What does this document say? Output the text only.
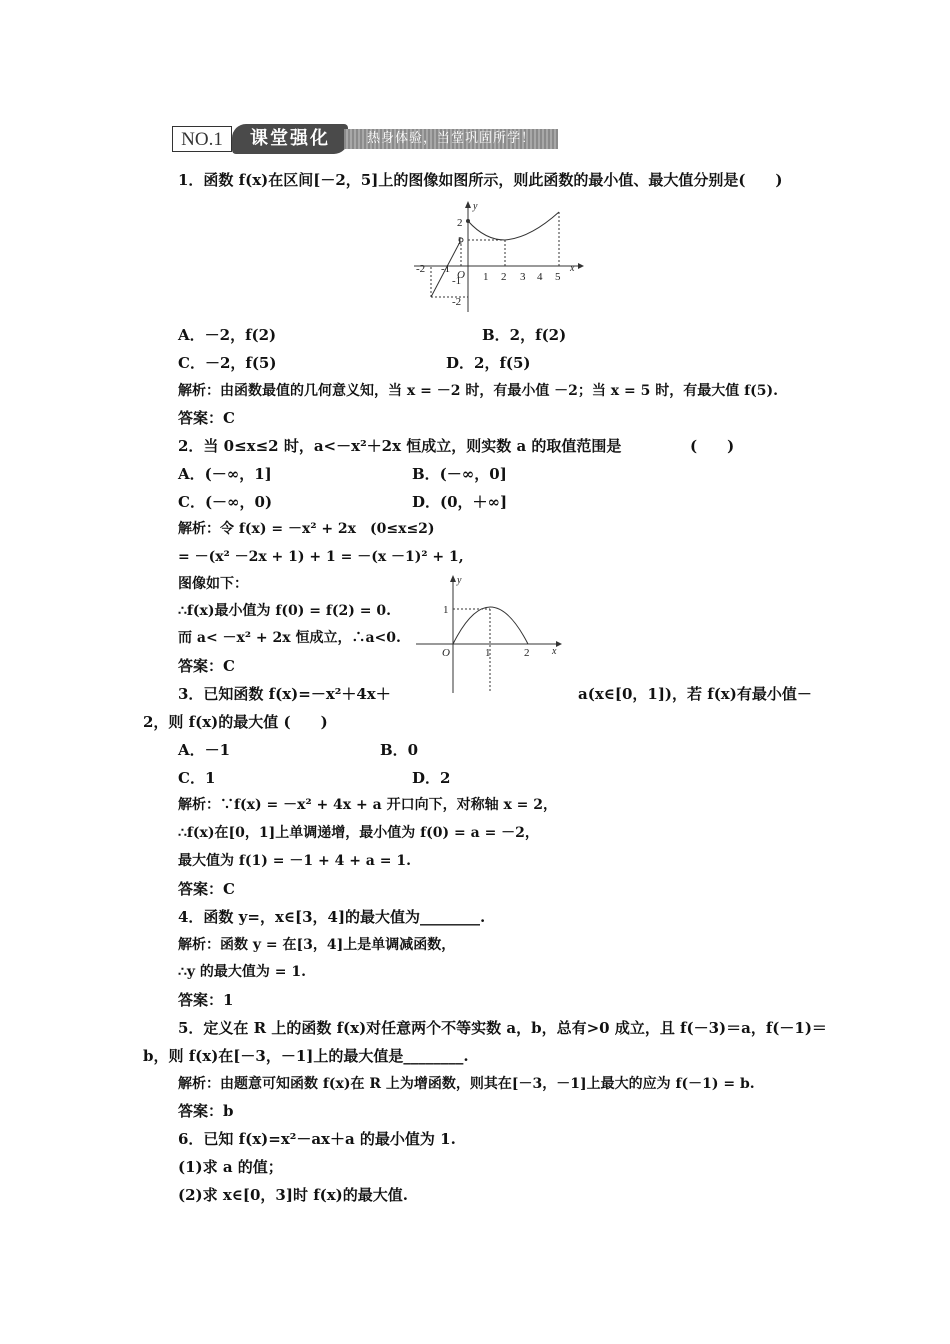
NO.1	课堂强化	热身体验，当堂巩固所学！
1．函数 f(x)在区间[－2，5]上的图像如图所示，则此函数的最小值、最大值分别是(　　)
-2 -1 O 1 2 3 4 5
x
y
2
1
-1
-2
A．－2，f(2)	B．2，f(2)
C．－2，f(5)	D．2，f(5)
解析：由函数最值的几何意义知，当 x = －2 时，有最小值 －2；当 x = 5 时，有最大值 f(5).
答案：C
2．当 0≤x≤2 时，a<－x²＋2x 恒成立，则实数 a 的取值范围是	(　　)
A．(－∞，1]	B．(－∞，0]
C．(－∞，0)	D．(0，＋∞]
解析：令 f(x) = －x² + 2x　(0≤x≤2)
= －(x² －2x + 1) + 1 = －(x －1)² + 1,
图像如下：
∴f(x)最小值为 f(0) = f(2) = 0.
而 a< －x² + 2x 恒成立，∴a<0.
答案：C
O	1	2 x
y
1
3．已知函数 f(x)=－x²＋4x＋	a(x∈[0，1])，若 f(x)有最小值－
2，则 f(x)的最大值 (　　)
A．－1	B．0
C．1	D．2
解析：∵f(x) = －x² + 4x + a 开口向下，对称轴 x = 2，
∴f(x)在[0，1]上单调递增，最小值为 f(0) = a = －2，
最大值为 f(1) = －1 + 4 + a = 1.
答案：C
4．函数 y=，x∈[3，4]的最大值为________.
解析：函数 y = 在[3，4]上是单调减函数，
∴y 的最大值为 = 1.
答案：1
5．定义在 R 上的函数 f(x)对任意两个不等实数 a，b，总有>0 成立，且 f(－3)＝a，f(－1)＝
b，则 f(x)在[－3，－1]上的最大值是________.
解析：由题意可知函数 f(x)在 R 上为增函数，则其在[－3，－1]上最大的应为 f(－1) = b.
答案：b
6．已知 f(x)=x²－ax＋a 的最小值为 1.
(1)求 a 的值；
(2)求 x∈[0，3]时 f(x)的最大值.
